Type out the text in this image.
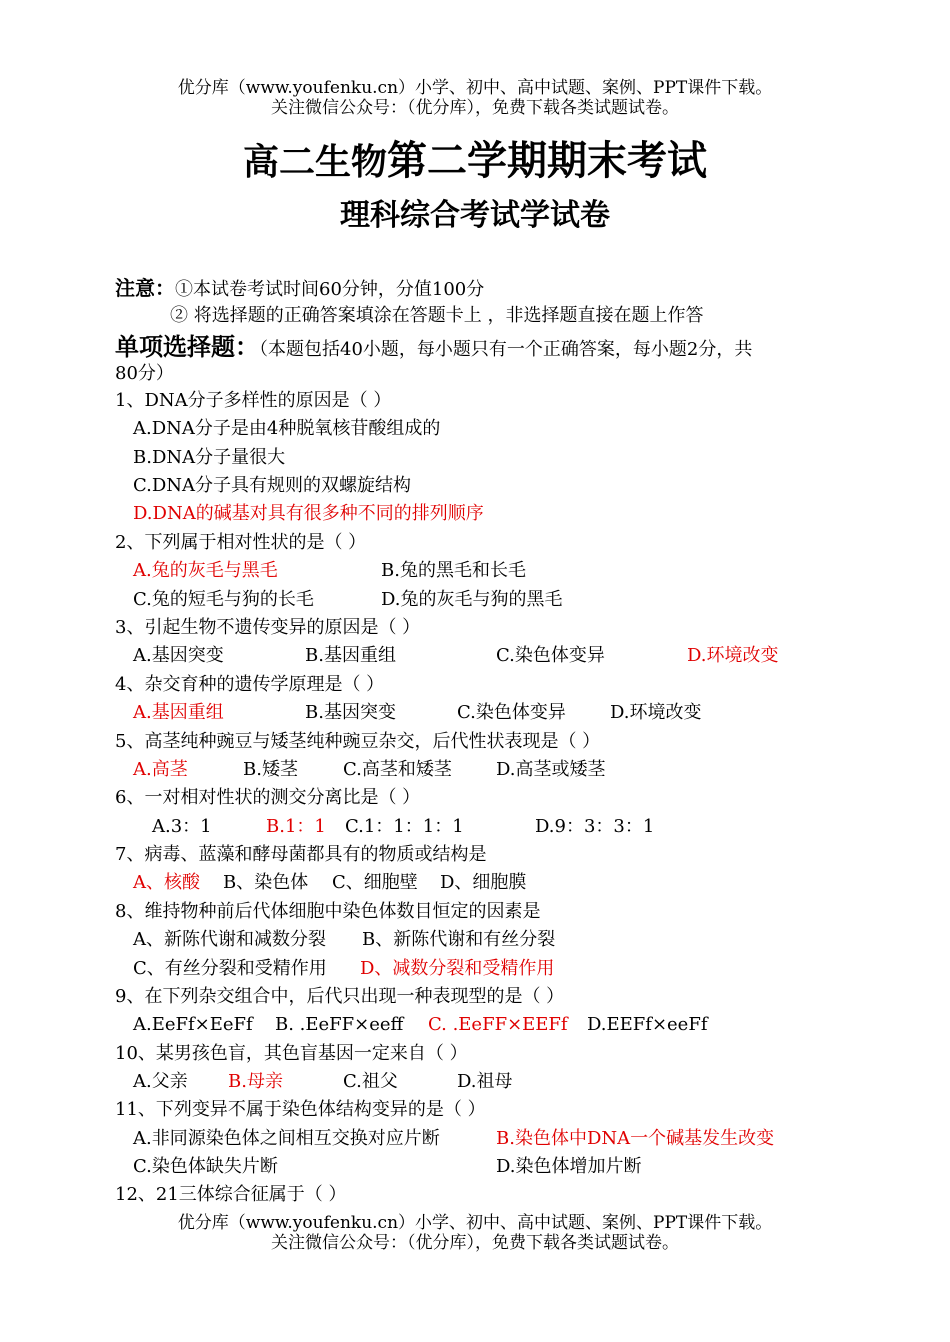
优分库（www.youfenku.cn）小学、初中、高中试题、案例、PPT课件下载。
关注微信公众号：（优分库），免费下载各类试题试卷。
高二生物第二学期期末考试
理科综合考试学试卷
注意：①本试卷考试时间60分钟，分值100分
② 将选择题的正确答案填涂在答题卡上 ，非选择题直接在题上作答
单项选择题：（本题包括40小题，每小题只有一个正确答案，每小题2分，共
80分）
1、DNA分子多样性的原因是（ ）
A.DNA分子是由4种脱氧核苷酸组成的
B.DNA分子量很大
C.DNA分子具有规则的双螺旋结构
D.DNA的碱基对具有很多种不同的排列顺序
2、下列属于相对性状的是（ ）
A.兔的灰毛与黑毛	B.兔的黑毛和长毛
C.兔的短毛与狗的长毛	D.兔的灰毛与狗的黑毛
3、引起生物不遗传变异的原因是（ ）
A.基因突变	B.基因重组	C.染色体变异	D.环境改变
4、杂交育种的遗传学原理是（ ）
A.基因重组	B.基因突变	C.染色体变异 D.环境改变
5、高茎纯种豌豆与矮茎纯种豌豆杂交，后代性状表现是（ ）
A.高茎	B.矮茎	C.高茎和矮茎 D.高茎或矮茎
6、一对相对性状的测交分离比是（ ）
A.3：1	B.1：1 C.1：1：1：1	D.9：3：3：1
7、病毒、蓝藻和酵母菌都具有的物质或结构是
A、核酸 B、染色体 C、细胞壁 D、细胞膜
8、维持物种前后代体细胞中染色体数目恒定的因素是
A、新陈代谢和减数分裂 B、新陈代谢和有丝分裂
C、有丝分裂和受精作用 D、减数分裂和受精作用
9、在下列杂交组合中，后代只出现一种表现型的是（ ）
A.EeFf×EeFf B. .EeFF×eeff C. .EeFF×EEFf D.EEFf×eeFf
10、某男孩色盲，其色盲基因一定来自（ ）
A.父亲 B.母亲	C.祖父	D.祖母
11、下列变异不属于染色体结构变异的是（ ）
A.非同源染色体之间相互交换对应片断	B.染色体中DNA一个碱基发生改变
C.染色体缺失片断	D.染色体增加片断
12、21三体综合征属于（ ）
优分库（www.youfenku.cn）小学、初中、高中试题、案例、PPT课件下载。
关注微信公众号：（优分库），免费下载各类试题试卷。
